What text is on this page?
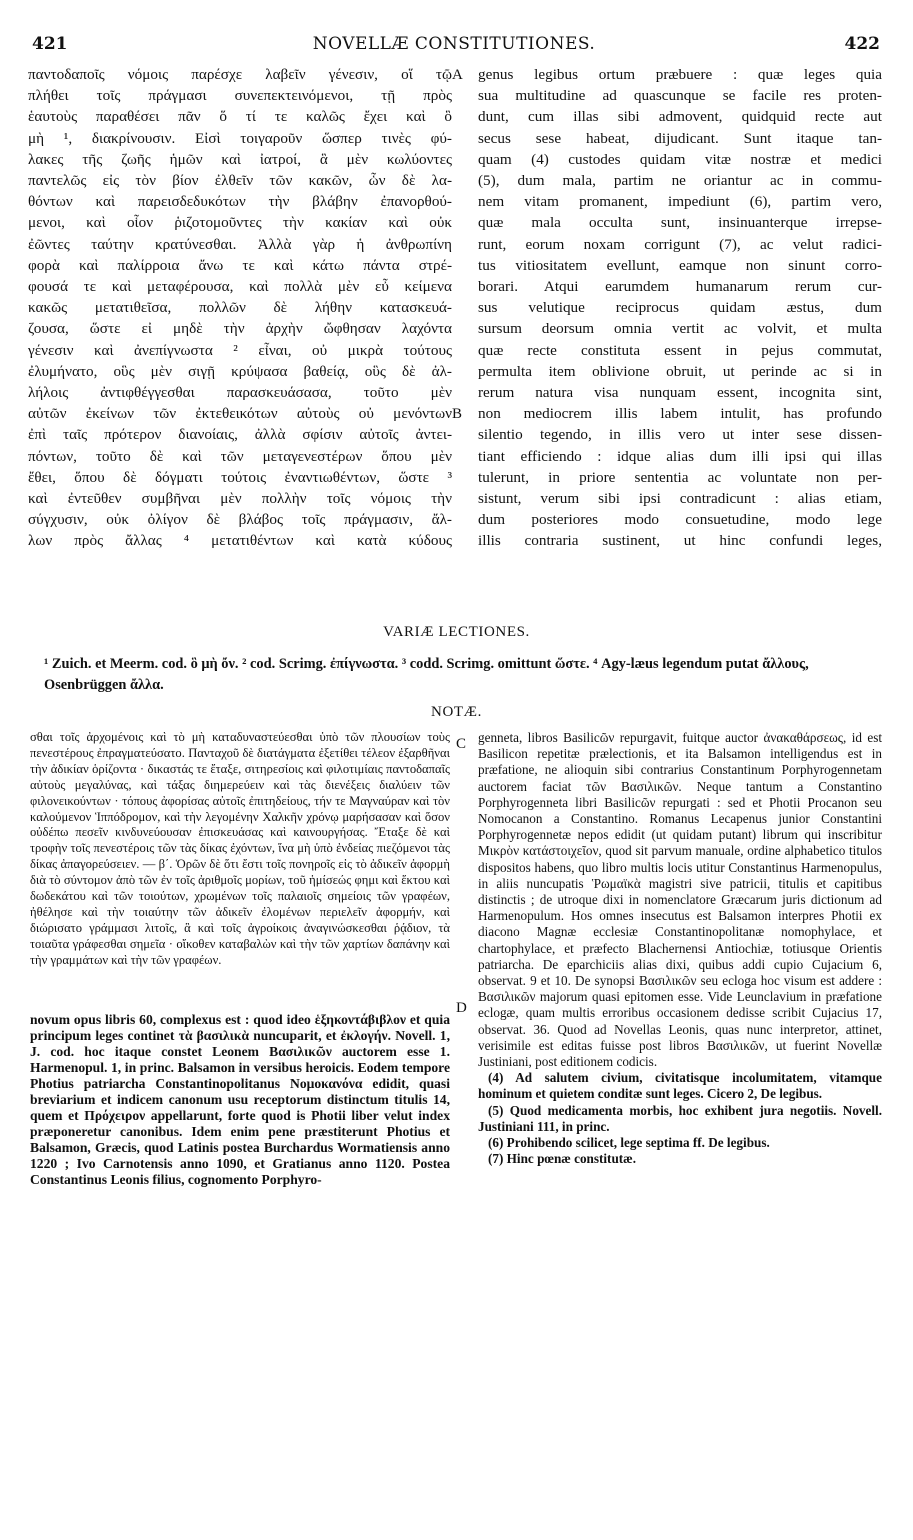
421	NOVELLÆ CONSTITUTIONES.	422

παντοδαποῖς νόμοις παρέσχε λαβεῖν γένεσιν, οἵ τῷ

πλήθει τοῖς πράγμασι συνεπεκτεινόμενοι, τῇ πρὸς

ἑαυτοὺς παραθέσει πᾶν ὅ τί τε καλῶς ἔχει καὶ ὃ

μὴ ¹, διακρίνουσιν. Εἰσὶ τοιγαροῦν ὥσπερ τινὲς φύ-

λακες τῆς ζωῆς ἡμῶν καὶ ἰατροί, ἃ μὲν κωλύοντες

παντελῶς εἰς τὸν βίον ἐλθεῖν τῶν κακῶν, ὧν δὲ λα-

θόντων καὶ παρεισδεδυκότων τὴν βλάβην ἐπανορθού-

μενοι, καὶ οἷον ῥιζοτομοῦντες τὴν κακίαν καὶ οὐκ

ἐῶντες ταύτην κρατύνεσθαι. Ἀλλὰ γὰρ ἡ ἀνθρωπίνη

φορὰ καὶ παλίρροια ἄνω τε καὶ κάτω πάντα στρέ-

φουσά τε καὶ μεταφέρουσα, καὶ πολλὰ μὲν εὖ κείμενα

κακῶς μετατιθεῖσα, πολλῶν δὲ λήθην κατασκευά-

ζουσα, ὥστε εἰ μηδὲ τὴν ἀρχὴν ὤφθησαν λαχόντα

γένεσιν καὶ ἀνεπίγνωστα ² εἶναι, οὐ μικρὰ τούτους

ἐλυμήνατο, οὓς μὲν σιγῇ κρύψασα βαθείᾳ, οὓς δὲ ἀλ-

λήλοις ἀντιφθέγγεσθαι παρασκευάσασα, τοῦτο μὲν

αὐτῶν ἐκείνων τῶν ἐκτεθεικότων αὐτοὺς οὐ μενόντων

ἐπὶ ταῖς πρότερον διανοίαις, ἀλλὰ σφίσιν αὐτοῖς ἀντει-

πόντων, τοῦτο δὲ καὶ τῶν μεταγενεστέρων ὅπου μὲν

ἔθει, ὅπου δὲ δόγματι τούτοις ἐναντιωθέντων, ὥστε ³

καὶ ἐντεῦθεν συμβῆναι μὲν πολλὴν τοῖς νόμοις τὴν

σύγχυσιν, οὐκ ὀλίγον δὲ βλάβος τοῖς πράγμασιν, ἄλ-

λων πρὸς ἄλλας ⁴ μετατιθέντων καὶ κατὰ κύδους

genus legibus ortum præbuere : quæ leges quia

sua multitudine ad quascunque se facile res proten-

dunt, cum illas sibi admovent, quidquid recte aut

secus sese habeat, dijudicant. Sunt itaque tan-

quam (4) custodes quidam vitæ nostræ et medici

(5), dum mala, partim ne oriantur ac in commu-

nem vitam promanent, impediunt (6), partim vero,

quæ mala occulta sunt, insinuanterque irrepse-

runt, eorum noxam corrigunt (7), ac velut radici-

tus vitiositatem evellunt, eamque non sinunt corro-

borari. Atqui earumdem humanarum rerum cur-

sus velutique reciprocus quidam æstus, dum

sursum deorsum omnia vertit ac volvit, et multa

quæ recte constituta essent in pejus commutat,

permulta item oblivione obruit, ut perinde ac si in

rerum natura visa nunquam essent, incognita sint,

non mediocrem illis labem intulit, has profundo

silentio tegendo, in illis vero ut inter sese dissen-

tiant efficiendo : idque alias dum illi ipsi qui illas

tulerunt, in priore sententia ac voluntate non per-

sistunt, verum sibi ipsi contradicunt : alias etiam,

dum posteriores modo consuetudine, modo lege

illis contraria sustinent, ut hinc confundi leges,

A
B
C
D
VARIÆ LECTIONES.
¹ Zuich. et Meerm. cod. ὃ μὴ ὄν. ² cod. Scrimg. ἐπίγνωστα. ³ codd. Scrimg. omittunt ὥστε. ⁴ Agy-læus legendum putat ἄλλους, Osenbrüggen ἄλλα.
NOTÆ.
σθαι τοῖς ἀρχομένοις καὶ τὸ μὴ καταδυναστεύεσθαι ὑπὸ τῶν πλουσίων τοὺς πενεστέρους ἐπραγματεύσατο. Πανταχοῦ δὲ διατάγματα ἐξετίθει τέλεον ἐξαρθῆναι τὴν ἀδικίαν ὁρίζοντα · δικαστάς τε ἔταξε, σιτηρεσίοις καὶ φιλοτιμίαις παντοδαπαῖς αὐτοὺς μεγαλύνας, καὶ τάξας διημερεύειν καὶ τὰς διενέξεις διαλύειν τῶν φιλονεικούντων · τόπους ἀφορίσας αὐτοῖς ἐπιτηδείους, τήν τε Μαγναύραν καὶ τὸν καλούμενον Ἱππόδρομον, καὶ τὴν λεγομένην Χαλκῆν χρόνῳ μαρήσασαν καὶ ὅσον οὐδέπω πεσεῖν κινδυνεύουσαν ἐπισκευάσας καὶ καινουργήσας. Ἔταξε δὲ καὶ τροφὴν τοῖς πενεστέροις τῶν τὰς δίκας ἐχόντων, ἵνα μὴ ὑπὸ ἐνδείας πιεζόμενοι τὰς δίκας ἀπαγορεύσειεν. — β΄. Ὁρῶν δὲ ὅτι ἔστι τοῖς πονηροῖς εἰς τὸ ἀδικεῖν ἀφορμὴ διὰ τὸ σύντομον ἀπὸ τῶν ἐν τοῖς ἀριθμοῖς μορίων, τοῦ ἡμίσεώς φημι καὶ ἕκτου καὶ δωδεκάτου καὶ τῶν τοιούτων, χρωμένων τοῖς παλαιοῖς σημείοις τῶν γραφέων, ἠθέλησε καὶ τὴν τοιαύτην τῶν ἀδικεῖν ἐλομένων περιελεῖν ἀφορμήν, καὶ διώρισατο γράμμασι λιτοῖς, ἃ καὶ τοῖς ἀγροίκοις ἀναγινώσκεσθαι ῥᾴδιον, τὰ τοιαῦτα γράφεσθαι σημεῖα · οἴκοθεν καταβαλὼν καὶ τὴν τῶν χαρτίων δαπάνην καὶ τὴν γραμμάτων καὶ τὴν τῶν γραφέων.
novum opus libris 60, complexus est : quod ideo ἑξηκοντάβιβλον et quia principum leges continet τὰ βασιλικὰ nuncuparit, et ἐκλογήν. Novell. 1, J. cod. hoc itaque constet Leonem Βασιλικῶν auctorem esse 1. Harmenopul. 1, in princ. Balsamon in versibus heroicis. Eodem tempore Photius patriarcha Constantinopolitanus Νομοκανόνα edidit, quasi breviarium et indicem canonum usu receptorum distinctum titulis 14, quem et Πρόχειρον appellarunt, forte quod is Photii liber velut index præponeretur canonibus. Idem enim pene præstiterunt Photius et Balsamon, Græcis, quod Latinis postea Burchardus Wormatiensis anno 1220 ; Ivo Carnotensis anno 1090, et Gratianus anno 1120. Postea Constantinus Leonis filius, cognomento Porphyro-

genneta, libros Basilicῶν repurgavit, fuitque auctor ἀνακαθάρσεως, id est Basilicon repetitæ prælectionis, et ita Balsamon intelligendus est in præfatione, ne alioquin sibi contrarius Constantinum Porphyrogennetam auctorem faciat τῶν Βασιλικῶν. Neque tantum a Constantino Porphyrogenneta libri Basilicῶν repurgati : sed et Photii Procanon seu Nomocanon a Constantino. Romanus Lecapenus junior Constantini Porphyrogennetæ nepos edidit (ut quidam putant) librum qui inscribitur Μικρὸν κατάστοιχεῖον, quod sit parvum manuale, ordine alphabetico titulos dispositos habens, quo libro multis locis utitur Constantinus Harmenopulus, in aliis nuncupatis Ῥωμαϊκὰ magistri sive patricii, titulis et capitibus distinctis ; de utroque dixi in nomenclatore Græcarum juris dictionum ad Harmenopulum. Hos omnes insecutus est Balsamon interpres Photii ex diacono Magnæ ecclesiæ Constantinopolitanæ nomophylace, et chartophylace, et præfecto Blachernensi Antiochiæ, totiusque Orientis patriarcha. De eparchiciis alias dixi, quibus addi cupio Cujacium 6, observat. 9 et 10. De synopsi Βασιλικῶν seu ecloga hoc visum est addere : Βασιλικῶν majorum quasi epitomen esse. Vide Leunclavium in præfatione eclogæ, quam multis erroribus occasionem dedisse scribit Cujacius 17, observat. 36. Quod ad Novellas Leonis, quas nunc interpretor, attinet, verisimile est editas fuisse post libros Βασιλικῶν, ut fuerint Novellæ Justiniani, post editionem codicis.

(4) Ad salutem civium, civitatisque incolumitatem, vitamque hominum et quietem conditæ sunt leges. Cicero 2, De legibus.

(5) Quod medicamenta morbis, hoc exhibent jura negotiis. Novell. Justiniani 111, in princ.

(6) Prohibendo scilicet, lege septima ff. De legibus.

(7) Hinc pœnæ constitutæ.
